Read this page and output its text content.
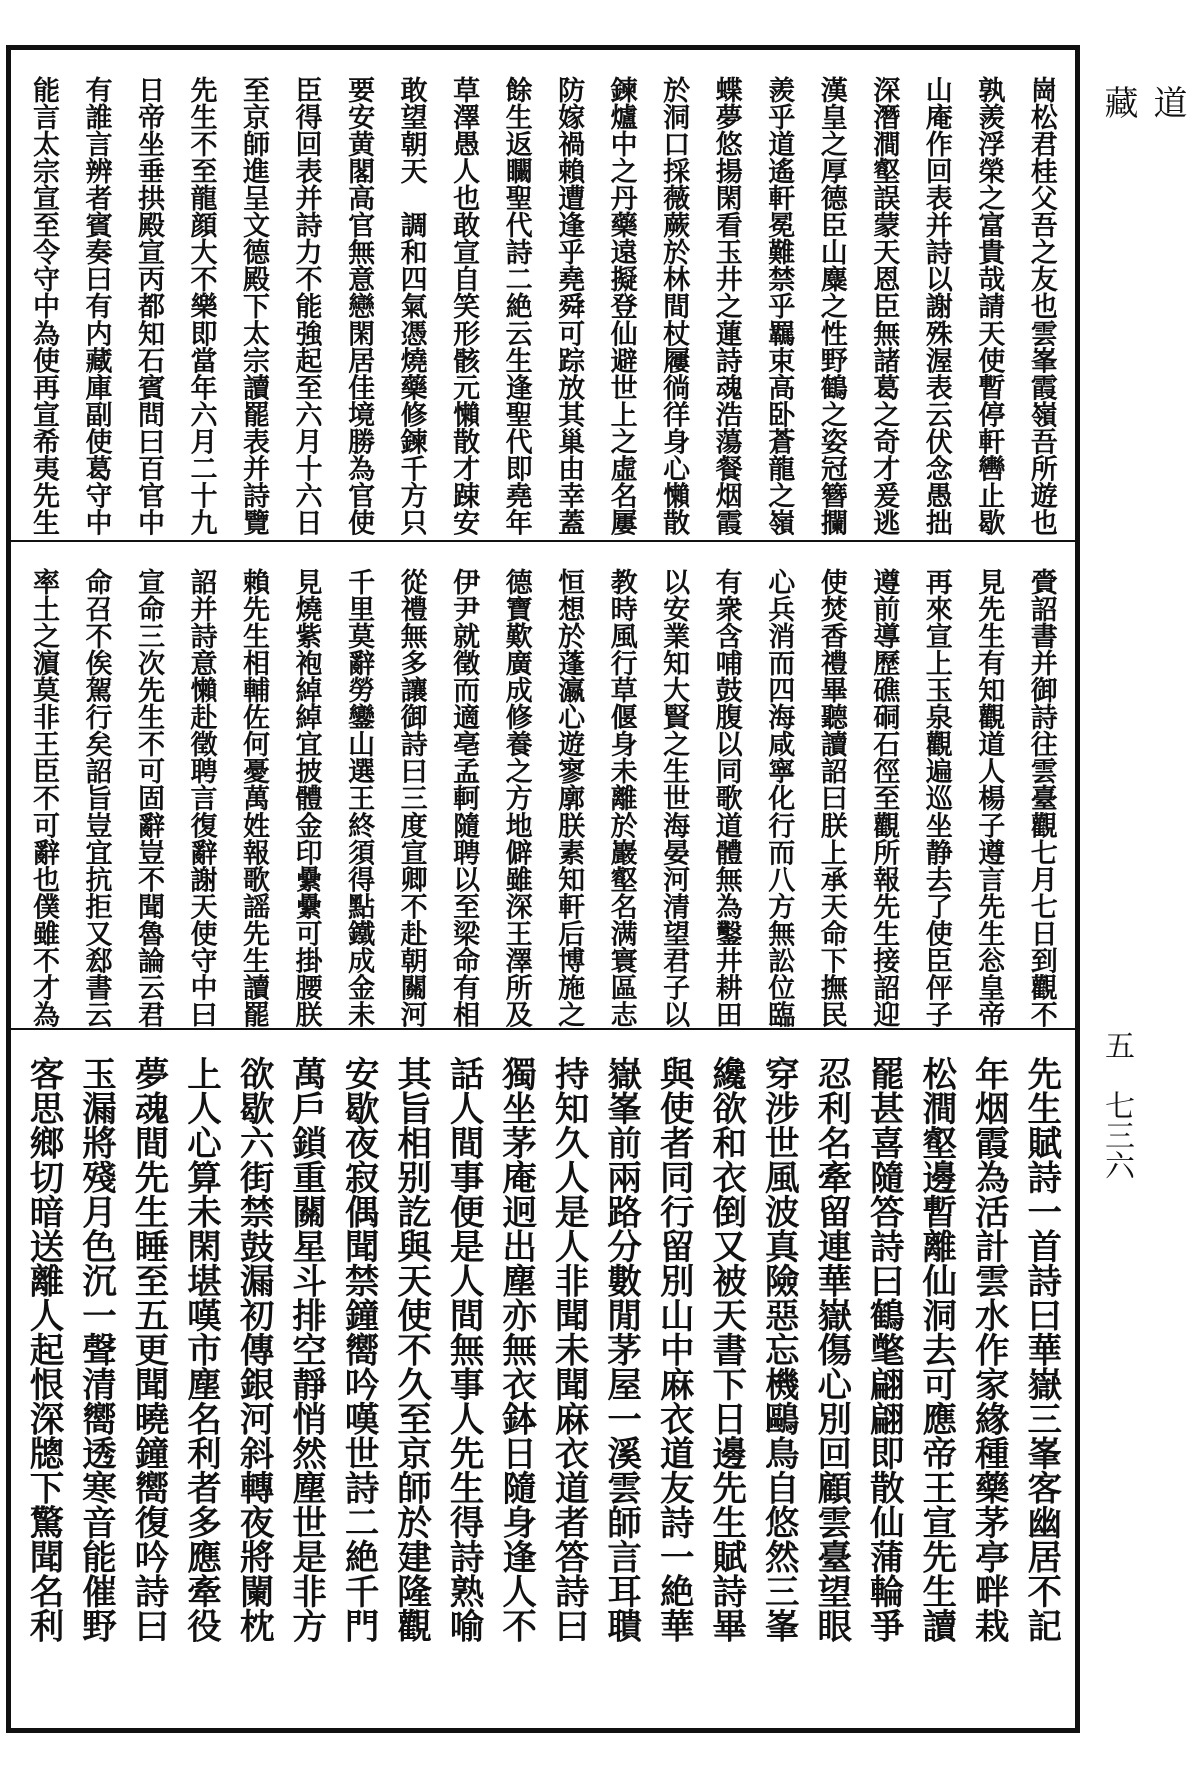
道藏
五　七三六
崗松君桂父吾之友也雲峯霞嶺吾所遊也
孰羨浮榮之富貴哉請天使暫停軒轡止歇
山庵作回表并詩以謝殊渥表云伏念愚拙
深潛澗壑誤蒙天恩臣無諸葛之奇才爰逃
漢皇之厚德臣山麋之性野鶴之姿冠簪攔
羨乎道遙軒冕難禁乎羈束高卧蒼龍之嶺
蝶夢悠揚閑看玉井之蓮詩魂浩蕩餐烟霞
於洞口採薇蕨於林間杖屨徜徉身心懶散
鍊爐中之丹藥遠擬登仙避世上之虛名屢
防嫁禍賴遭逢乎堯舜可踪放其巢由幸蓋
餘生返矙聖代詩二絶云生逢聖代即堯年
草澤愚人也敢宣自笑形骸元懶散才踈安
敢望朝天　調和四氣憑燒藥修鍊千方只
要安黄閣高官無意戀閑居佳境勝為官使
臣得回表并詩力不能強起至六月十六日
至京師進呈文德殿下太宗讀罷表并詩覽
先生不至龍顔大不樂即當年六月二十九
日帝坐垂拱殿宣丙都知石賓問曰百官中
有誰言辨者賓奏曰有内藏庫副使葛守中
能言太宗宣至令守中為使再宣希夷先生
賫詔書并御詩往雲臺觀七月七日到觀不
見先生有知觀道人楊子遵言先生忩皇帝
再來宣上玉泉觀遍巡坐静去了使臣伻子
遵前導歷礁硐石徑至觀所報先生接詔迎
使焚香禮畢聽讀詔曰朕上承天命下撫民
心兵消而四海咸寧化行而八方無訟位臨
有衆含哺鼓腹以同歌道體無為鑿井耕田
以安業知大賢之生世海晏河清望君子以
教時風行草偃身未離於巖壑名满寰區志
恒想於蓬瀛心遊寥廓朕素知軒后博施之
德寶歎廣成修養之方地僻雖深王澤所及
伊尹就徵而適亳孟軻隨聘以至梁命有相
從禮無多讓御詩曰三度宣卿不赴朝關河
千里莫辭勞鑾山選王終須得點鐵成金未
見燒紫袍綽綽宜披體金印纍纍可掛腰朕
賴先生相輔佐何憂萬姓報歌謡先生讀罷
詔并詩意懶赴徵聘言復辭謝天使守中曰
宣命三次先生不可固辭豈不聞魯論云君
命召不俟駕行矣詔旨豈宜抗拒又郄書云
率土之濵莫非王臣不可辭也僕雖不才為
先生賦詩一首詩曰華嶽三峯客幽居不記
年烟霞為活計雲水作家緣種藥茅亭畔栽
松澗壑邊暫離仙洞去可應帝王宣先生讀
罷甚喜隨答詩曰鶴氅翩翩即散仙蒲輪爭
忍利名牽留連華嶽傷心別回顧雲臺望眼
穿涉世風波真險惡忘機鷗鳥自悠然三峯
纔欲和衣倒又被天書下日邊先生賦詩畢
與使者同行留別山中麻衣道友詩一絶華
嶽峯前兩路分數閒茅屋一溪雲師言耳聵
持知久人是人非聞未聞麻衣道者答詩曰
獨坐茅庵迥出塵亦無衣鉢日隨身逢人不
話人間事便是人間無事人先生得詩熟喻
其旨相别訖與天使不久至京師於建隆觀
安歇夜寂偶聞禁鐘嚮吟嘆世詩二絶千門
萬戶鎖重關星斗排空靜悄然塵世是非方
欲歇六街禁鼓漏初傳銀河斜轉夜將闌枕
上人心算未閑堪嘆市塵名利者多應牽役
夢魂間先生睡至五更聞曉鐘嚮復吟詩曰
玉漏將殘月色沉一聲清嚮透寒音能催野
客思鄉切暗送離人起恨深牕下驚聞名利
